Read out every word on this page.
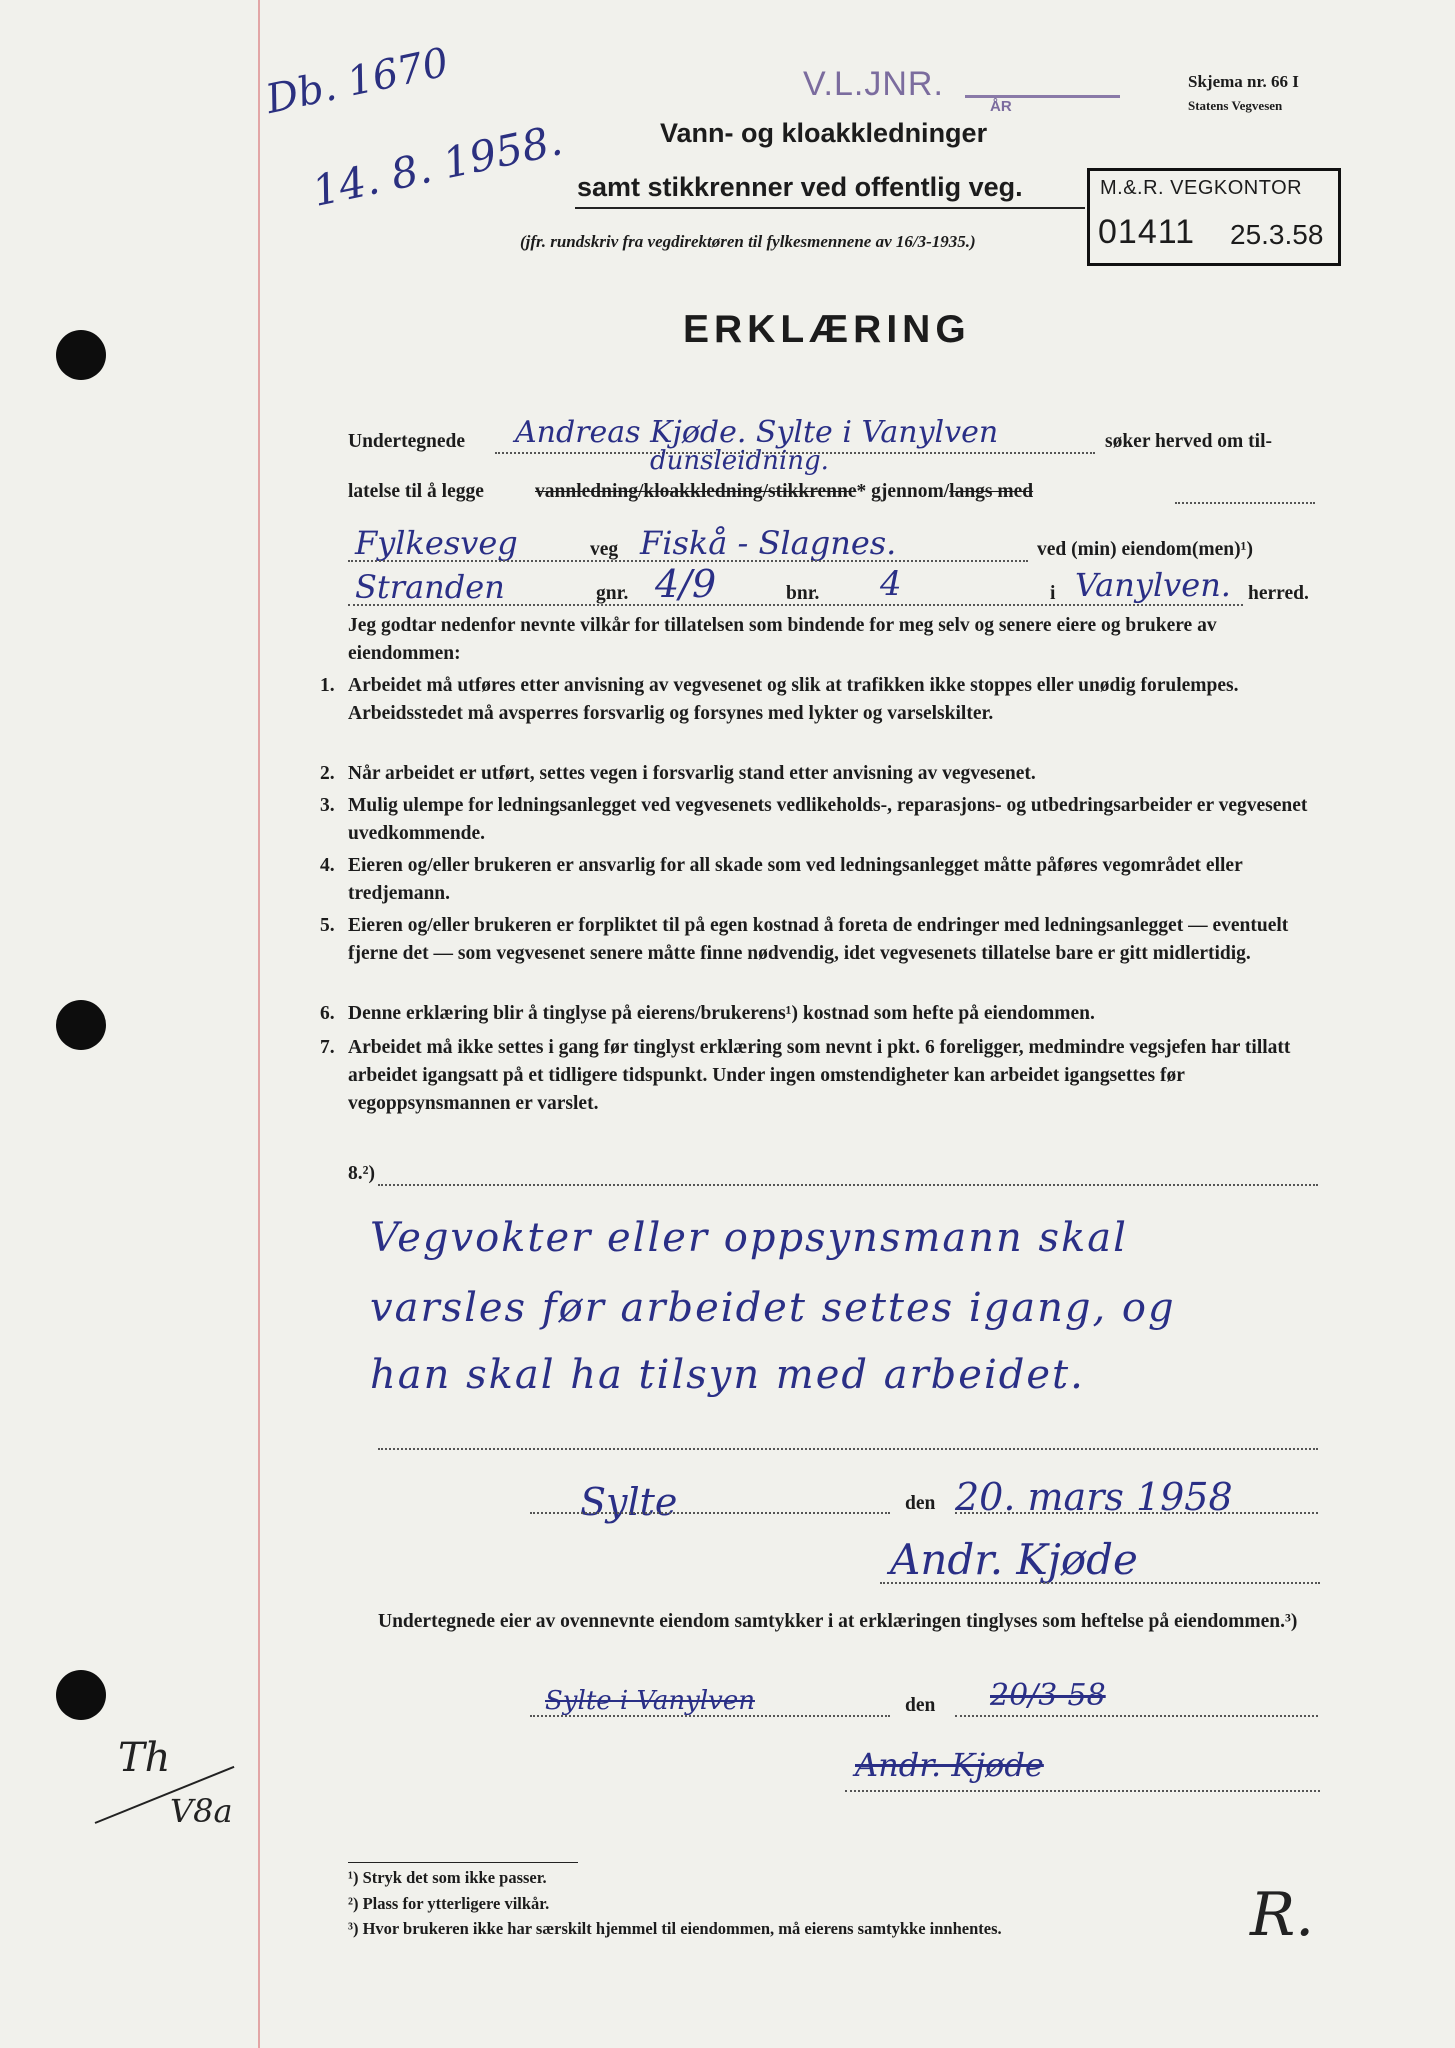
Db. 1670
14. 8. 1958.
V.L.JNR.
ÅR
Skjema nr. 66 I
Statens Vegvesen
Vann- og kloakkledninger
samt stikkrenner ved offentlig veg.
(jfr. rundskriv fra vegdirektøren til fylkesmennene av 16/3-1935.)
M.&.R. VEGKONTOR
01411 25.3.58
ERKLÆRING
Undertegnede Andreas Kjøde. Sylte i Vanylven	søker herved om til-
dunsleidning.
latelse til å legge	vannledning/kloakkledning/stikkrenne* gjennom/langs med
Fylkesveg	veg Fiskå - Slagnes.	ved (min) eiendom(men)¹)
Stranden	gnr. 4/9	bnr. 4	i Vanylven. herred.
Jeg godtar nedenfor nevnte vilkår for tillatelsen som bindende for meg selv og senere eiere og brukere av eiendommen:
1. Arbeidet må utføres etter anvisning av vegvesenet og slik at trafikken ikke stoppes eller unødig forulempes. Arbeidsstedet må avsperres forsvarlig og forsynes med lykter og varselskilter.
2. Når arbeidet er utført, settes vegen i forsvarlig stand etter anvisning av vegvesenet.
3. Mulig ulempe for ledningsanlegget ved vegvesenets vedlikeholds-, reparasjons- og utbedringsarbeider er vegvesenet uvedkommende.
4. Eieren og/eller brukeren er ansvarlig for all skade som ved ledningsanlegget måtte påføres vegområdet eller tredjemann.
5. Eieren og/eller brukeren er forpliktet til på egen kostnad å foreta de endringer med ledningsanlegget — eventuelt fjerne det — som vegvesenet senere måtte finne nødvendig, idet vegvesenets tillatelse bare er gitt midlertidig.
6. Denne erklæring blir å tinglyse på eierens/brukerens¹) kostnad som hefte på eiendommen.
7. Arbeidet må ikke settes i gang før tinglyst erklæring som nevnt i pkt. 6 foreligger, medmindre vegsjefen har tillatt arbeidet igangsatt på et tidligere tidspunkt. Under ingen omstendigheter kan arbeidet igangsettes før vegoppsynsmannen er varslet.
8.²)
Vegvokter eller oppsynsmann skal
varsles før arbeidet settes igang, og
han skal ha tilsyn med arbeidet.
Sylte	den 20. mars 1958
Andr. Kjøde
Undertegnede eier av ovennevnte eiendom samtykker i at erklæringen tinglyses som heftelse på eiendommen.³)
Sylte i Vanylven	den 20/3-58
Andr. Kjøde
Th
V8a
¹) Stryk det som ikke passer.
²) Plass for ytterligere vilkår.
³) Hvor brukeren ikke har særskilt hjemmel til eiendommen, må eierens samtykke innhentes.	R.
